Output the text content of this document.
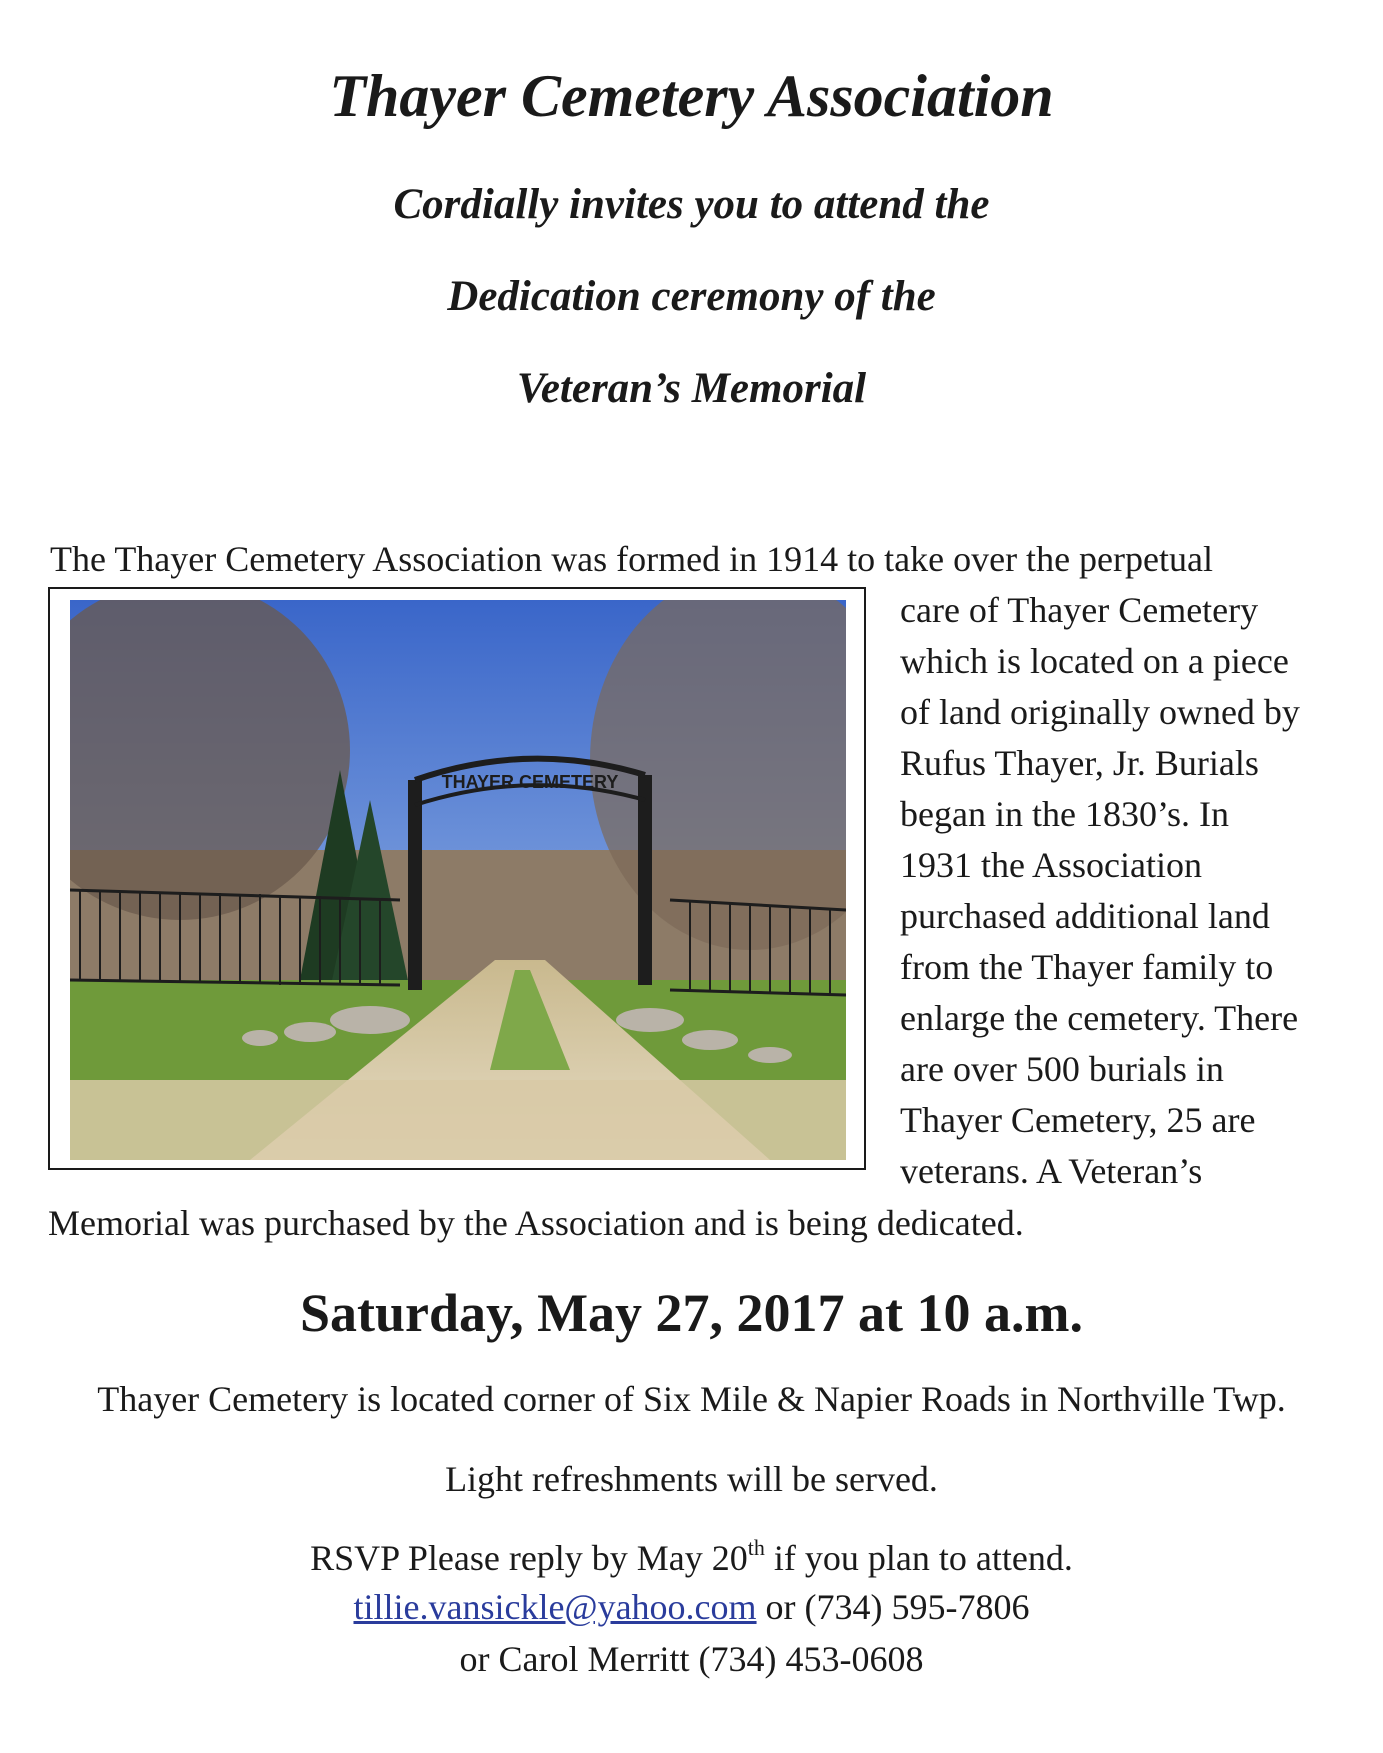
Thayer Cemetery Association
Cordially invites you to attend the
Dedication ceremony of the
Veteran’s Memorial
The Thayer Cemetery Association was formed in 1914 to take over the perpetual
THAYER CEMETERY
care of Thayer Cemetery
which is located on a piece
of land originally owned by
Rufus Thayer, Jr. Burials
began in the 1830’s. In
1931 the Association
purchased additional land
from the Thayer family to
enlarge the cemetery. There
are over 500 burials in
Thayer Cemetery, 25 are
veterans. A Veteran’s
Memorial was purchased by the Association and is being dedicated.
Saturday, May 27, 2017 at 10 a.m.
Thayer Cemetery is located corner of Six Mile & Napier Roads in Northville Twp.
Light refreshments will be served.
RSVP Please reply by May 20th if you plan to attend.
tillie.vansickle@yahoo.com or (734) 595-7806
or Carol Merritt (734) 453-0608
